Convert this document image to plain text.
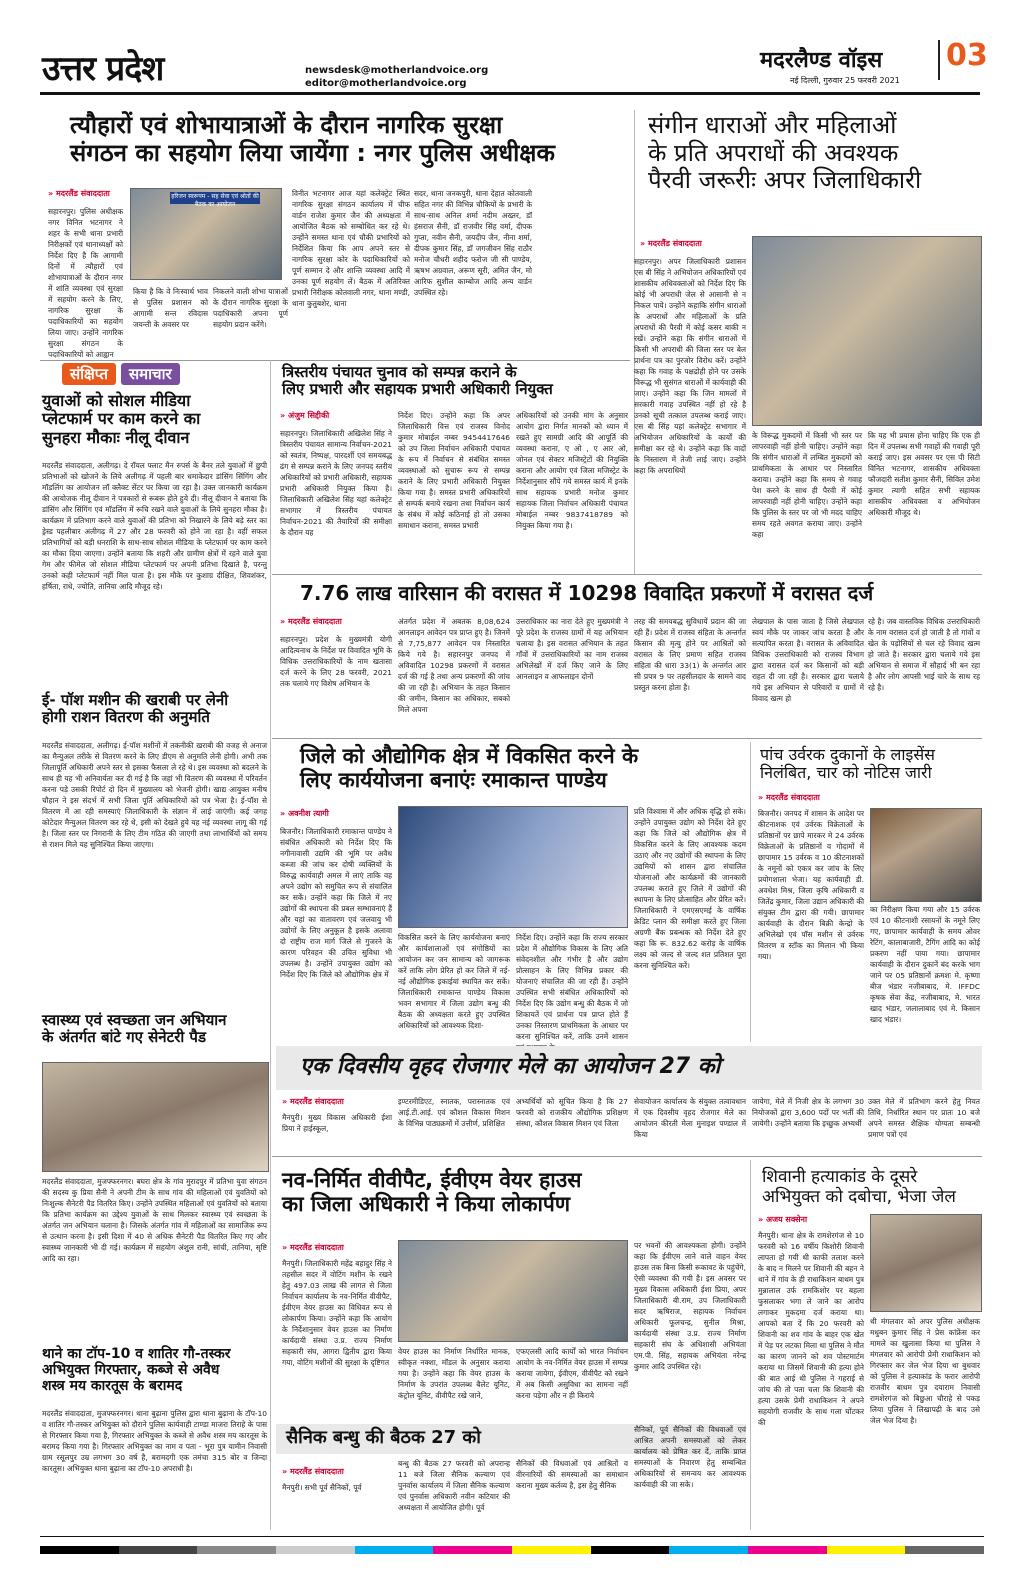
उत्तर प्रदेश	newsdesk@motherlandvoice.org
editor@motherlandvoice.org
मदरलैण्ड वॉइस 03
नई दिल्ली, गुरुवार 25 फरवरी 2021
त्यौहारों एवं शोभायात्राओं के दौरान नागरिक सुरक्षा
संगठन का सहयोग लिया जायेंगा : नगर पुलिस अधीक्षक
» मदरलैंड संवाददाता
सहारनपुर। पुलिस अधीक्षक नगर विनित भटनागर ने शहर के सभी थाना प्रभारी निरीक्षकों एवं थानाध्यक्षों को निर्देश दिए है कि आगामी दिनों में त्यौहारों एवं शोभायात्राओं के दौरान नगर में शांति व्यवस्था एवं सुरक्षा में सहयोग करने के लिए, नागरिक सुरक्षा के पदाधिकारियों का सहयोग लिया जाए। उन्होंने नागरिक सुरक्षा संगठन के पदाधिकारियों को आह्वान
हरिजन स्वरूपम - सह सेवा एवं श्रोतों की बैठक का आयोजन
किया है कि वे निःस्वार्थ भाव से पुलिस प्रशासन को आगामी सन्त रविदास जयन्ती के अवसर पर
निकलने वाली शोभा यात्राओं के दौरान नागरिक सुरक्षा के पदाधिकारी अपना पूर्ण सहयोग प्रदान करेंगे।
विनीत भटनागर आज यहां कलेक्ट्रेट स्थित नागरिक सुरक्षा संगठन कार्यालय में चीफ वार्डन राजेश कुमार जैन की अध्यक्षता में आयोजित बैठक को सम्बोधित कर रहे थे। उन्होंने समस्त थाना एवं चौकी प्रभारियों को निर्देशित किया कि आप अपने स्तर से नागरिक सुरक्षा कोर के पदाधिकारियों को पूर्ण सम्मान दे और शान्ति व्यवस्था आदि में उनका पूर्ण सहयोग लें। बैठक में अतिरिक्त प्रभारी निरीक्षक कोतवाली नगर, थाना मण्डी, थाना कुतुबशेर, थाना
सदर, थाना जनकपुरी, थाना देहात कोतवाली सहित नगर की विभिन्न चौकियों के प्रभारी के साथ-साथ अनिल शर्मा नदीम अख्तर, डॉ हंसराज सैनी, डॉ राजवीर सिंह वर्मा, दीपक गुप्ता, नवीन सैनी, जयदीप जैन, नीना शर्मा, दीपक कुमार सिंह, डॉ जगजीवन सिंह राठौर मनोज चौधरी शहीद फरोज जी सी पाण्डेय, ऋषभ अग्रवाल, अरूण सूरी, अमित जैन, मो आरिफ सुशील काम्बोज आदि अन्य वार्डन उपस्थित रहे।
संगीन धाराओं और महिलाओं
के प्रति अपराधों की अवश्यक
पैरवी जरूरीः अपर जिलाधिकारी
» मदरलैंड संवाददाता
सहारनपुर। अपर जिलाधिकारी प्रशासन एस बी सिंह ने अभियोजन अधिकारियों एवं शासकीय अधिवक्ताओं को निर्देश दिए कि कोई भी अपराधी जेल से आसानी से न निकल पाये। उन्होंने कहाकि संगीन धाराओं के अपराधों और महिलाओं के प्रति अपराधों की पैरवी में कोई कसर बाकी न रखें। उन्होंने कहा कि संगीन धाराओं में किसी भी अपराधी की जिला स्तर पर बेल प्रार्थना पत्र का पुरजोर विरोध करें। उन्होंने कहा कि गवाह के पक्षद्रोही होने पर उसके विरूद्ध भी सुसंगत धाराओं में कार्यवाही की जाए। उन्होंने कहा कि जिन मामलों में सरकारी गवाह उपस्थित नहीं हो रहे है उनको सूची तत्काल उपलब्ध कराई जाए। एस बी सिंह यहां कलेक्ट्रेट सभागार में अभियोजन अधिकारियों के कार्यों की समीक्षा कर रहे थे। उन्होंने कहा कि वादों के निस्तारण में तेजी लाई जाए। उन्होंने कहा कि अपराधियों
के विरूद्ध मुकदमों में किसी भी स्तर पर लापरवाही नहीं होनी चाहिए। उन्होंने कहा कि संगीन धाराओं में लम्बित मुकदमों को प्राथमिकता के आधार पर निस्तारित कराया। उन्होंने कहा कि समय से गवाह पेश करने के साथ ही पैरवी में कोई लापरवाही नहीं होनी चाहिए। उन्होंने कहा कि पुलिस के स्तर पर जो भी मदद चाहिए समय रहते अवगत कराया जाए। उन्होंने कहा
कि यह भी प्रयास होना चाहिए कि एक ही दिन में उपलब्ध सभी गवाहों की गवाही पूरी कराई जाए। इस अवसर पर एस पी सिटी विनित भटनागर, शासकीय अधिवक्ता फौजदारी सतीश कुमार सैनी, सिविल उमेश कुमार त्यागी सहित सभी सहायक शासकीय अधिवक्ता व अभियोजन अधिकारी मौजूद थे।
संक्षिप्त समाचार
युवाओं को सोशल मीडिया
प्लेटफार्म पर काम करने का
सुनहरा मौकाः नीलू दीवान
मदरलैंड संवाददाता, अलीगढ़। दे रॉयल फ्लाट मैन रुपर्स के बैनर तले युवाओं में छुपी प्रतिभाओं को खोजने के लिये अलीगढ़ में पहली बार धमाकेदार डांसिंग सिंगिंग और मॉडलिंग का आयोजन लॉ क्लैक्ट सेंटर पर किया जा रहा है। उक्त जानकारी कार्यक्रम की आयोजक नीलू दीवान ने पत्रकारों से रूबरू होते हुये दी। नीलू दीवान ने बताया कि डांसिंग और सिंगिंग एवं मॉडलिंग में रूचि रखने वाले युवाओं के लिये सुनहरा मौका है। कार्यक्रम में प्रतिभाग करने वाले युवाओं की प्रतिभा को निखारने के लिये बड़े स्तर का ड्रेस्ड पहलीबार अलीगढ़ में 27 और 28 फरवरी को होने जा रहा है। वहीं सफल प्रतिभागियों को बड़ी धनराशि के साथ-साथ सोशल मीडिया के प्लेटफार्म पर काम करने का मौका दिया जाएगा। उन्होंने बताया कि शहरी और ग्रामीण क्षेत्रों में रहने वाले युवा गेम और फीमेल जो सोशल मीडिया प्लेटफार्म पर अपनी प्रतिभा दिखाते है, परन्तु उनको कही प्लेटफार्म नहीं मिल पाता है। इस मौके पर कुशाग्र दीक्षित, शिवशंकर, हर्षिता, राधे, ज्योति, तानिया आदि मौजूद रहे।
ई- पॉश मशीन की खराबी पर लेनी
होगी राशन वितरण की अनुमति
मदरलैंड संवाददाता, अलीगढ़। ई-पॉश मशीनों में तकनीकी खराबी की वजह से अनाज का मैन्युअल तरीके से वितरण करने के लिए डीएम से अनुमति लेनी होगी। अभी तक जिलापूर्ति अधिकारी अपने स्तर से इसका फैसला ले रहे थे। इस व्यवस्था को बदलने के साथ ही यह भी अनिवार्यता कर दी गई है कि जहां भी वितरण की व्यवस्था में परिवर्तन करना पड़े उसकी रिपोर्ट दो दिन में मुख्यालय को भेजनी होगी। खाद्य आयुक्त मनीष चौहान ने इस संदर्भ में सभी जिला पूर्ति अधिकारियों को पत्र भेजा है। ई-पॉश से वितरण में आ रही समस्याएं जिलाधिकारी के संज्ञान में लाई जाएंगी। कई जगह कोटेदार मैन्युअल वितरण कर रहे थे, इसी को देखते हुये यह नई व्यवस्था लागू की गई है। जिला स्तर पर निगरानी के लिए टीम गठित की जाएगी तथा लाभार्थियों को समय से राशन मिले यह सुनिश्चित किया जाएगा।
स्वास्थ्य एवं स्वच्छता जन अभियान
के अंतर्गत बांटे गए सेनेटरी पैड
मदरलैंड संवाददाता, मुजफ्फरनगर। बघरा क्षेत्र के गांव मुरादपुर में प्रतिभा युवा संगठन की सदस्य कु प्रिया सैनी ने अपनी टीम के साथ गांव की महिलाओं एवं युवतियों को निःशुल्क सैनेटरी पैड वितरित किए। उन्होंने उपस्थित महिलाओं एवं युवतियों को बताया कि प्रतिभा कार्यक्रम का उद्देश्य युवाओं के साथ मिलकर स्वास्थ्य एवं स्वच्छता के अंतर्गत जन अभियान चलाना है। जिसके अंतर्गत गांव में महिलाओं का सामाजिक रूप से उत्थान करना है। इसी दिशा में 40 से अधिक सैनेटरी पैड वितरित किए गए और स्वास्थ्य जानकारी भी दी गई। कार्यक्रम में सहयोग अंशुल रानी, सांची, तानिया, सृष्टि आदि का रहा।
थाने का टॉप-10 व शातिर गौ-तस्कर
अभियुक्त गिरफ्तार, कब्जे से अवैध
शस्त्र मय कारतूस के बरामद
मदरलैंड संवाददाता, मुजफ्फरनगर। थाना बुढ़ाना पुलिस द्वारा थाना बुढ़ाना के टॉप-10 व शातिर गौ-तस्कर अभियुक्त को दौराने पुलिस कार्यवाही टाण्डा माजरा तिराहे के पास से गिरफ्तार किया गया है, गिरफ्तार अभियुक्त के कब्जे से अवैध शस्त्र मय कारतूस के बरामद किया गया है। गिरफ्तार अभियुक्त का नाम व पता - भूरा पुत्र यामीन निवासी ग्राम रसूलपुर उम्र लगभग 30 वर्ष है, बरामदगी एक तमंचा 315 बोर व जिन्दा कारतूस। अभियुक्त थाना बुढ़ाना का टॉप-10 अपराधी है।
त्रिस्तरीय पंचायत चुनाव को सम्पन्न कराने के
लिए प्रभारी और सहायक प्रभारी अधिकारी नियुक्त
» अंजुम सिद्दीकी
सहारनपुर। जिलाधिकारी अखिलेश सिंह ने त्रिस्तरीय पंचायत सामान्य निर्वाचन-2021 को स्वतंत्र, निष्पक्ष, पारदर्शी एवं समयबद्ध ढंग से सम्पन्न कराने के लिए जनपद स्तरीय अधिकारियों को प्रभारी अधिकारी, सहायक प्रभारी अधिकारी नियुक्त किया है। जिलाधिकारी अखिलेश सिंह यहां कलेक्ट्रेट सभागार में त्रिस्तरीय पंचायत निर्वाचन-2021 की तैयारियों की समीक्षा के दौरान यह
निर्देश दिए। उन्होंने कहा कि अपर जिलाधिकारी वित्त एवं राजस्व विनोद कुमार मोबाईल नम्बर 9454417646 को उप जिला निर्वाचन अधिकारी पंचायत के रूप में निर्वाचन से संबंधित समस्त व्यवस्थाओं को सुचारू रूप से सम्पन्न कराने के लिए प्रभारी अधिकारी नियुक्त किया गया है। समस्त प्रभारी अधिकारियों से सम्पर्क बनाये रखना तथा निर्वाचन कार्य के संबंध में कोई कठिनाई हो तो उसका समाधान कराना, समस्त प्रभारी
अधिकारियों को उनकी मांग के अनुसार आयोग द्वारा निर्गत मानकों को ध्यान में रखते हुए सामग्री आदि की आपूर्ति की व्यवस्था कराना, ए ओ , ए आर ओ, जोनल एवं सेक्टर मजिस्ट्रेटों की नियुक्ति कराना और आयोग एवं जिला मजिस्ट्रेट के निर्देशानुसार सौंपे गये समस्त कार्य में इनके साथ सहायक प्रभारी मनोज कुमार सहायक जिला निर्वाचन अधिकारी पंचायत मोबाईल नम्बर 9837418789 को नियुक्त किया गया है।
7.76 लाख वारिसान की वरासत में 10298 विवादित प्रकरणों में वरासत दर्ज
» मदरलैंड संवाददाता
सहारनपुर। प्रदेश के मुख्यमंत्री योगी आदित्यनाथ के निर्देश पर विवादित भूमि के विधिक उत्तराधिकारियों के नाम खतासा दर्ज करने के लिए 28 फरवरी, 2021 तक चलाये गए विशेष अभियान के
अंतर्गत प्रदेश में अबतक 8,08,624 आनलाइन आवेदन पत्र प्राप्त हुए है। जिनमें से 7,75,877 आवेदन पत्र निस्तारित किये गये है। सहारनपुर जनपद में अविवादित 10298 प्रकरणों में वरासत दर्ज की गई है तथा अन्य प्रकरणों की जांच की जा रही है। अभियान के तहत किसान की जमीन, किसान का अधिकार, सबको मिले अपना
उत्तराधिकार का नारा देते हुए मुख्यमंत्री ने पूरे प्रदेश के राजस्व ग्रामों में यह अभियान चलाया है। इस वरासत अभियान के तहत गाँवों में उत्तराधिकारियों का नाम राजस्व अभिलेखों में दर्ज किए जाने के लिए आनलाइन व आफलाइन दोनों
तरह की समयबद्ध सुविधायें प्रदान की जा रही हैं। प्रदेश में राजस्व संहिता के अन्तर्गत किसान की मृत्यु होने पर आश्रितों को वरासत के लिए प्रमाण सहित राजस्व संहिता की धारा 33(1) के अन्तर्गत आर सी प्रपत्र 9 पर तहसीलदार के सामने वाद प्रस्तुत करना होता है।
लेखपाल के पास जाता है जिसे लेखपाल स्वयं मौके पर जाकर जांच करता है और सत्यापित करता है। वरासत के अविवादित विधिक उत्तराधिकारी को राजस्व विभाग द्वारा वरासत दर्ज कर किसानों को बड़ी राहत दी जा रही है। सरकार द्वारा चलाये गये इस अभियान से परिवारों व ग्रामों में विवाद खत्म हो
रहे है। जब वास्तविक विधिक उत्तराधिकारी के नाम वरासत दर्ज हो जाती है तो गांवों व खेत के पड़ोसियों से चल रहे विवाद खत्म हो जाते है। सरकार द्वारा चलाये गये इस अभियान से समाज में सौहार्द भी बन रहा है और लोग आपसी भाई चारे के साथ रह रहे है।
जिले को औद्योगिक क्षेत्र में विकसित करने के
लिए कार्ययोजना बनाएंः रमाकान्त पाण्डेय
» अवनीश त्यागी
बिजनौर। जिलाधिकारी रमाकान्त पाण्डेय ने संबंधित अधिकारी को निर्देश दिए कि नगीनावासी उद्यमि की भूमि पर अवैध कब्जा की जांच कर दोषी व्यक्तियों के विरुद्ध कार्यवाही अमल में लाएं ताकि वह अपने उद्योग को समुचित रूप से संचालित कर सकें। उन्होंने कहा कि जिले में नए उद्योगों की स्थापना की प्रबल सम्भावनाएं हैं और यहां का वातावरण एवं जलवायु भी उद्योगों के लिए अनुकूल है इसके अलावा दो राष्ट्रीय राज मार्ग जिले से गुजरने के कारण परिवहन की उचित सुविधा भी उपलब्ध है। उन्होंने उपायुक्त उद्योग को निर्देश दिए कि जिले को औद्योगिक क्षेत्र में
विकसित करने के लिए कार्ययोजना बनाएं और कार्यशालाओं एवं संगोष्ठियों का आयोजन कर जन सामान्य को जागरूक करें ताकि लोग प्रेरित हो कर जिले में नई-नई औद्योगिक इकाईयां स्थापित कर सकें। जिलाधिकारी रमाकान्त पाण्डेय विकास भवन सभागार में जिला उद्योग बन्धु की बैठक की अध्यक्षता करते हुए उपस्थित अधिकारियों को आवश्यक दिशा-
निर्देश दिए। उन्होंने कहा कि राज्य सरकार प्रदेश में औद्योगिक विकास के लिए अति संवेदनशील और गंभीर है और उद्योग प्रोत्साहन के लिए विभिन्न प्रकार की योजनाएं संचालित की जा रही हैं। उन्होंने उपस्थित सभी संबंधित अधिकारियों को निर्देश दिए कि उद्योग बन्धु की बैठक में जो शिकायतें एवं प्रार्थना पत्र प्राप्त होते हैं उनका निस्तारण प्राथमिकता के आधार पर करना सुनिश्चित करें, ताकि उनमें शासन
प्रति विश्वास में और अधिक वृद्धि हो सके। उन्होंने उपायुक्त उद्योग को निर्देश देते हुए कहा कि जिले को औद्योगिक क्षेत्र में विकसित करने के लिए आवश्यक कदम उठाएं और नए उद्योगों की स्थापना के लिए उद्यमियों को शासन द्वारा संचालित योजनाओं और कार्यक्रमों की जानकारी उपलब्ध कराते हुए जिले में उद्योगों की स्थापना के लिए प्रोत्साहित और प्रेरित करें। जिलाधिकारी ने एमएसएमई के वार्षिक क्रेडिट प्लान की समीक्षा करते हुए जिला अग्रणी बैंक प्रबन्धक को निर्देश देते हुए कहा कि रू. 832.62 करोड़ के वार्षिक लक्ष्य को जल्द से जल्द शत प्रतिशत पूरा करना सुनिश्चित करें।
पांच उर्वरक दुकानों के लाइसेंस
निलंबित, चार को नोटिस जारी
» मदरलैंड संवाददाता
बिजनौर। जनपद में शासन के आदेश पर कीटनाशक एवं उर्वरक विक्रेताओं के प्रतिष्ठानों पर छापे मारकर मे 24 उर्वरक विक्रेताओं के प्रतिष्ठानों व गोदामों में छापामार 15 उर्वरक व 10 कीटनाशकों के नमूनों को एकत्र कर जांच के लिए प्रयोगशाला भेजा। यह कार्यवाही डी. अवधेश मिश्र, जिला कृषि अधिकारी व जितेंद्र कुमार, जिला उद्यान अधिकारी की संयुक्त टीम द्वारा की गयी। छापामार कार्यवाही के दौरान बिक्री केन्द्रो के अभिलेखो एवं पॉस मशीन से उर्वरक वितरण व स्टॉक का मिलान भी किया गया।
का निरीक्षण किया गया और 15 उर्वरक एवं 10 कीटनाशी रसायनों के नमूने लिए गए, छापामार कार्यवाही के समय ओवर रेटिंग, कालाबाजारी, टैगिंग आदि का कोई प्रकरण नहीं पाया गया। छापामार कार्यवाही के दौरान दुकानें बंद करके भाग जाने पर 05 प्रतिष्ठानों क्रमशः मे. कृष्णा बीज भंडार नजीबाबाद, मे. IFFDC कृषक सेवा केंद्र, नजीबाबाद, मे. भारत खाद भंडार, जलालाबाद एवं मे. किसान खाद भंडार।
एक दिवसीय वृहद रोजगार मेले का आयोजन 27 को
» मदरलैंड संवाददाता
मैनपुरी। मुख्य विकास अधिकारी ईशा प्रिया ने हाईस्कूल,
इण्टरमीडिएट, स्नातक, परास्नातक एवं आई.टी.आई. एवं कौशल विकास मिशन के विभिन्न पाठ्यक्रमों में उत्तीर्ण, प्रशिक्षित
अभ्यर्थियों को सूचित किया है कि 27 फरवरी को राजकीय औद्योगिक प्रशिक्षण संस्था, कौशल विकास मिशन एवं जिला
सेवायोजन कार्यालय के संयुक्त तत्वावधान में एक दिवसीय वृहद रोजगार मेले का आयोजन कीरती मेला मुनाइश पण्डाल में किया
जायेगा, मेले में निजी क्षेत्र के लगभग 30 नियोजकों द्वारा 3,600 पदों पर भर्ती की जायेगी। उन्होंने बताया कि इच्छुक अभ्यर्थी
उक्त मेले में प्रतिभाग करने हेतु नियत तिथि, निर्धारित स्थान पर प्रातः 10 बजे अपने समस्त शैक्षिक योग्यता सम्बन्धी प्रमाण पत्रों एवं
नव-निर्मित वीवीपैट, ईवीएम वेयर हाउस
का जिला अधिकारी ने किया लोकार्पण
» मदरलैंड संवाददाता
मैनपुरी। जिलाधिकारी महेंद्र बहादुर सिंह ने तहसील सदर में वोटिंग मशीन के रखने हेतु 497.03 लाख की लागत से जिला निर्वाचन कार्यालय के नव-निर्मित वीवीपैट, ईवीएम वेयर हाउस का विधिवत रूप से लोकार्पण किया। उन्होंने कहा कि आयोग के निर्देशानुसार वेयर हाउस का निर्माण कार्यदायी संस्था उ.प्र. राज्य निर्माण सहकारी संघ, आगरा द्वितीय द्वारा किया गया, वोटिंग मशीनों की सुरक्षा के दृष्टिगत
वेयर हाउस का निर्माण निर्धारित मानक, स्वीकृत नक्शा, मॉडल के अनुसार कराया गया है। उन्होंने कहा कि वेयर हाउस के निर्माण के उपरांत उपलब्ध बैलेट यूनिट, कंट्रोल यूनिट, वीवीपैट रखे जाने,
एफएलसी आदि कार्यों को भारत निर्वाचन आयोग के नव-निर्मित वेयर हाउस में सम्पन्न कराया जायेगा, ईवीएम, वीवीपैट को रखने में अब किसी असुविधा का सामना नहीं करना पड़ेगा और न ही किराये
पर भवनों की आवश्यकता होगी। उन्होंने कहा कि ईवीएम लाने वाले वाहन वेयर हाउस तक बिना किसी रूकावट के पहुंचेंगे, ऐसी व्यवस्था की गयी है। इस अवसर पर मुख्य विकास अधिकारी ईशा प्रिया, अपर जिलाधिकारी बी.राम, उप जिलाधिकारी सदर ऋषिराज, सहायक निर्वाचन अधिकारी फूलचन्द्र, सुनील मिश्रा, कार्यदायी संस्था उ.प्र. राज्य निर्माण सहकारी संघ के अधिशासी अभियंता एम.पी. सिंह, सहायक अभियंता नरेन्द्र कुमार आदि उपस्थित रहे।
सैनिक बन्धु की बैठक 27 को
» मदरलैंड संवाददाता
मैनपुरी। सभी पूर्व सैनिकों, पूर्व
बन्धु की बैठक 27 फरवरी को अपरान्ह 11 बजे जिला सैनिक कल्याण एवं पुनर्वास कार्यालय में जिला सैनिक कल्याण एवं पुनर्वास अधिकारी नवीन कटियार की अध्यक्षता में आयोजित होगी। पूर्व
सैनिकों की विधवाओं एवं आश्रितों व वीरनारियों की समस्याओं का समाधान कराना मुख्य कर्तव्य है, इस हेतु सैनिक
सैनिकों, पूर्व सैनिकों की विधवाओं एवं आश्रित अपनी समस्याओं को लेकर कार्यालय को प्रेषित कर दें, ताकि प्राप्त समस्याओं के निवारण हेतु सम्बन्धित अधिकारियों से समन्वय कर आवश्यक कार्यवाही की जा सके।
शिवानी हत्याकांड के दूसरे
अभियुक्त को दबोचा, भेजा जेल
» अजय सक्सेना
मैनपुरी। थाना क्षेत्र के रामशेरगंज से 10 फरवरी को 16 वर्षीय किशोरी शिवानी लापता हो गयी थी काफी तलाश करने के बाद न मिलने पर शिवानी की बहन ने थाने में गांव के ही राधाकिशन बाथम पुत्र मुन्नालाल उर्फ रामकिशोर पर बहला फुसलाकर भगा ले जाने का आरोप लगाकर मुकदमा दर्ज कराया था। आपको बता दें कि 20 फरवरी को शिवानी का शव गांव के बाहर एक खेत में पेड़ पर लटका मिला था पुलिस ने मौत का कारण जानने को शव पोस्टमार्टम कराया था जिसमें शिवानी की हत्या होने की बात आई थी पुलिस ने गहराई से जांच की तो पता चला कि शिवानी की हत्या उसके प्रेमी राधाकिशन ने अपने सहयोगी राजवीर के साथ गला घोंटकर की
थी मंगलवार को अपर पुलिस अधीक्षक मधुबन कुमार सिंह ने प्रेस कांफ्रेंस कर मामले का खुलासा किया था पुलिस ने मंगलवार को आरोपी प्रेमी राधाकिशन को गिरफ्तार कर जेल भेज दिया था बुधवार को पुलिस ने हत्याकांड के फरार आरोपी राजवीर बाथम पुत्र दयाराम निवासी रामशेरगंज को बिछुआ चौराहे से पकड़ लिया पुलिस ने लिखापढ़ी के बाद उसे जेल भेज दिया है।
